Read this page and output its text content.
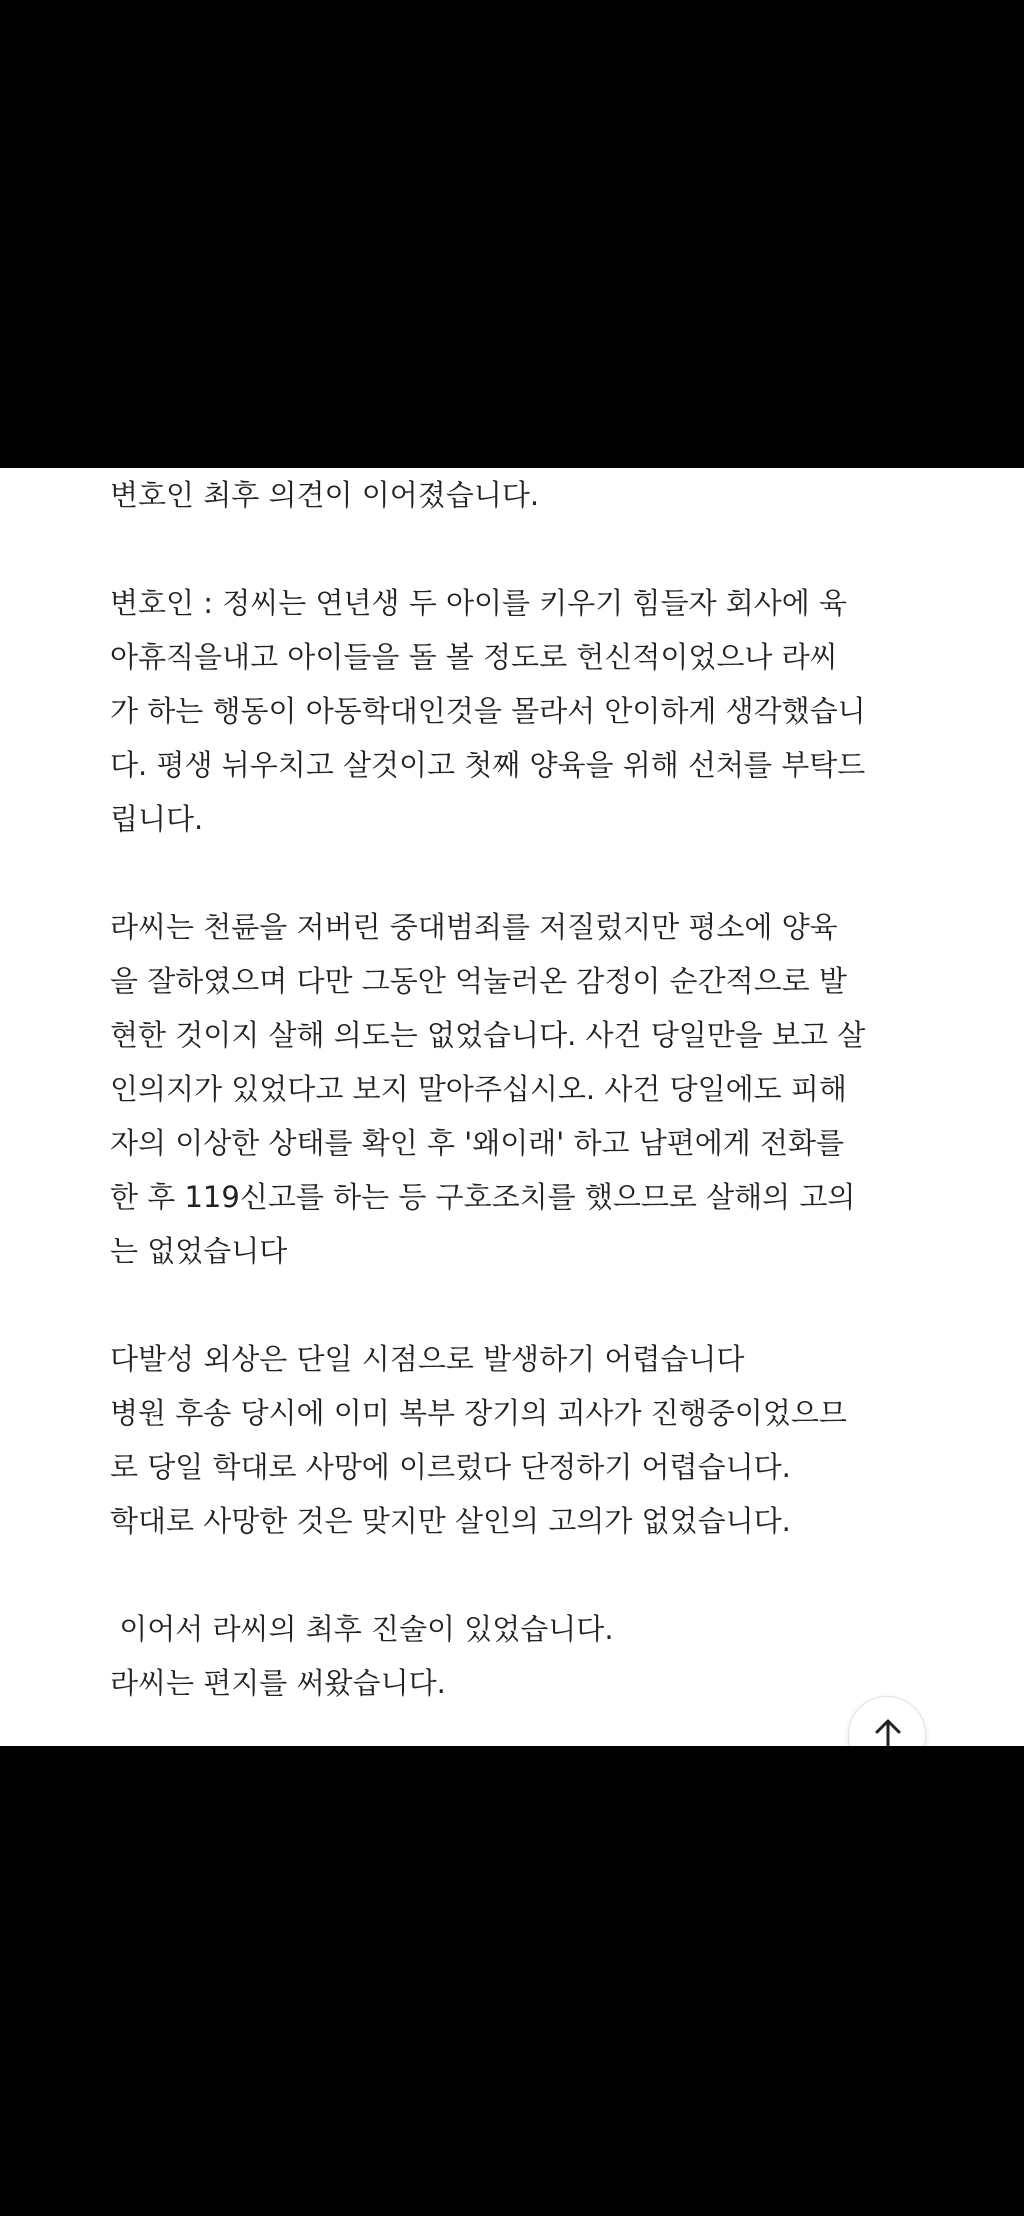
변호인 최후 의견이 이어졌습니다.

변호인 : 정씨는 연년생 두 아이를 키우기 힘들자 회사에 육

아휴직을내고 아이들을 돌 볼 정도로 헌신적이었으나 라씨

가 하는 행동이 아동학대인것을 몰라서 안이하게 생각했습니

다. 평생 뉘우치고 살것이고 첫째 양육을 위해 선처를 부탁드

립니다.

라씨는 천륜을 저버린 중대범죄를 저질렀지만 평소에 양육

을 잘하였으며 다만 그동안 억눌러온 감정이 순간적으로 발

현한 것이지 살해 의도는 없었습니다. 사건 당일만을 보고 살

인의지가 있었다고 보지 말아주십시오. 사건 당일에도 피해

자의 이상한 상태를 확인 후 '왜이래' 하고 남편에게 전화를

한 후 119신고를 하는 등 구호조치를 했으므로 살해의 고의

는 없었습니다

다발성 외상은 단일 시점으로 발생하기 어렵습니다

병원 후송 당시에 이미 복부 장기의 괴사가 진행중이었으므

로 당일 학대로 사망에 이르렀다 단정하기 어렵습니다.

학대로 사망한 것은 맞지만 살인의 고의가 없었습니다.

이어서 라씨의 최후 진술이 있었습니다.

라씨는 편지를 써왔습니다.
